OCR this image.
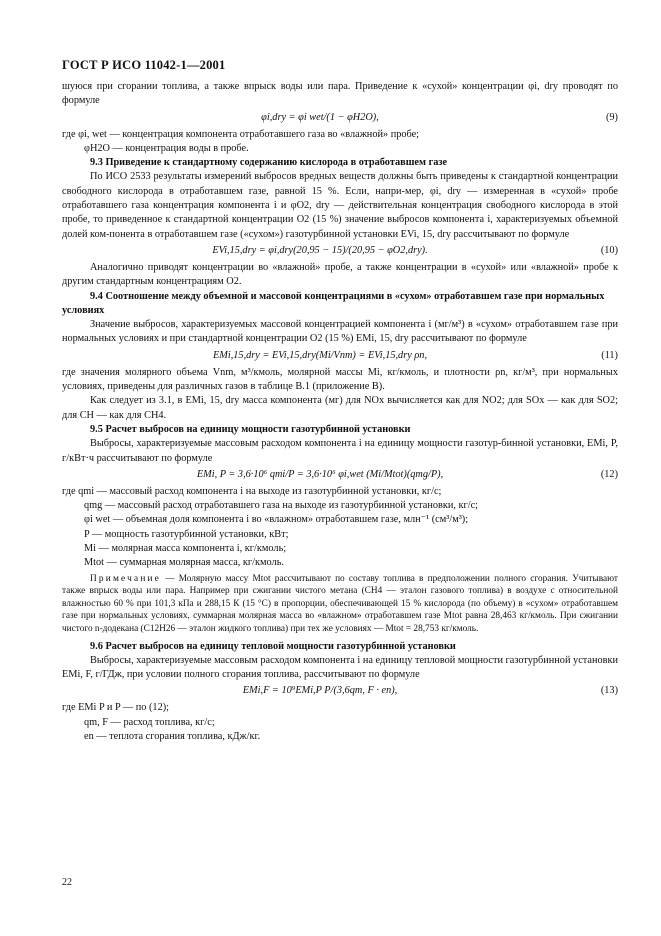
ГОСТ Р ИСО 11042-1—2001

шуюся при сгорании топлива, а также впрыск воды или пара. Приведение к «сухой» концентрации φi, dry проводят по формуле

φi,dry = φi wet/(1 − φH2O),	(9)

где φi, wet — концентрация компонента отработавшего газа во «влажной» пробе;

φH2O — концентрация воды в пробе.

9.3 Приведение к стандартному содержанию кислорода в отработавшем газе

По ИСО 2533 результаты измерений выбросов вредных веществ должны быть приведены к стандартной концентрации свободного кислорода в отработавшем газе, равной 15 %. Если, напри-мер, φi, dry — измеренная в «сухой» пробе отработавшего газа концентрация компонента i и φO2, dry — действительная концентрация свободного кислорода в этой пробе, то приведенное к стандартной концентрации O2 (15 %) значение выбросов компонента i, характеризуемых объемной долей ком-понента в отработавшем газе («сухом») газотурбинной установки EVi, 15, dry рассчитывают по формуле

EVi,15,dry = φi,dry(20,95 − 15)/(20,95 − φO2,dry).	(10)

Аналогично приводят концентрации во «влажной» пробе, а также концентрации в «сухой» или «влажной» пробе к другим стандартным концентрациям O2.

9.4 Соотношение между объемной и массовой концентрациями в «сухом» отработавшем газе при нормальных условиях

Значение выбросов, характеризуемых массовой концентрацией компонента i (мг/м³) в «сухом» отработавшем газе при нормальных условиях и при стандартной концентрации O2 (15 %) EMi, 15, dry рассчитывают по формуле

EMi,15,dry = EVi,15,dry(Mi/Vnm) = EVi,15,dry ρn,	(11)

где значения молярного объема Vnm, м³/кмоль, молярной массы Mi, кг/кмоль, и плотности ρn, кг/м³, при нормальных условиях, приведены для различных газов в таблице B.1 (приложение B).

Как следует из 3.1, в EMi, 15, dry масса компонента (мг) для NOx вычисляется как для NO2; для SOx — как для SO2; для CH — как для CH4.

9.5 Расчет выбросов на единицу мощности газотурбинной установки

Выбросы, характеризуемые массовым расходом компонента i на единицу мощности газотур-бинной установки, EMi, P, г/кВт·ч рассчитывают по формуле

EMi, P = 3,6·10⁶ qmi/P = 3,6·10⁶ φi,wet (Mi/Mtot)(qmg/P),	(12)

где qmi — массовый расход компонента i на выходе из газотурбинной установки, кг/с;

qmg — массовый расход отработавшего газа на выходе из газотурбинной установки, кг/с;

φi wet — объемная доля компонента i во «влажном» отработавшем газе, млн⁻¹ (см³/м³);

P — мощность газотурбинной установки, кВт;

Mi — молярная масса компонента i, кг/кмоль;

Mtot — суммарная молярная масса, кг/кмоль.

Примечание — Молярную массу Mtot рассчитывают по составу топлива в предположении полного сгорания. Учитывают также впрыск воды или пара. Например при сжигании чистого метана (CH4 — эталон газового топлива) в воздухе с относительной влажностью 60 % при 101,3 кПа и 288,15 К (15 °C) в пропорции, обеспечивающей 15 % кислорода (по объему) в «сухом» отработавшем газе при нормальных условиях, суммарная молярная масса во «влажном» отработавшем газе Mtot равна 28,463 кг/кмоль. При сжигании чистого n-додекана (C12H26 — эталон жидкого топлива) при тех же условиях — Mtot = 28,753 кг/кмоль.

9.6 Расчет выбросов на единицу тепловой мощности газотурбинной установки

Выбросы, характеризуемые массовым расходом компонента i на единицу тепловой мощности газотурбинной установки EMi, F, г/ГДж, при условии полного сгорания топлива, рассчитывают по формуле

EMi,F = 10⁹EMi,P P/(3,6qm, F · en),	(13)

где EMi P и P — по (12);

qm, F — расход топлива, кг/с;

en — теплота сгорания топлива, кДж/кг.

22
